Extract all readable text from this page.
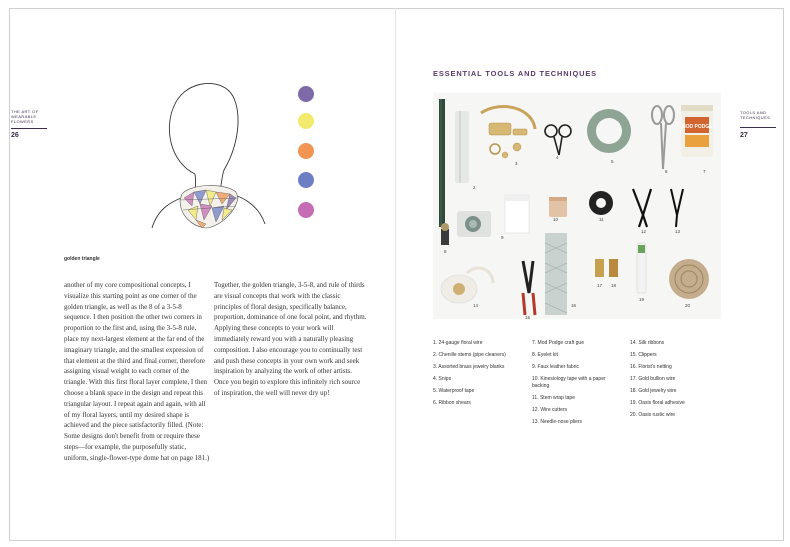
THE ART OF WEARABLE FLOWERS
26
golden triangle
another of my core compositional concepts, I visualize this starting point as one corner of the golden triangle, as well as the 8 of a 3-5-8 sequence. I then position the other two corners in proportion to the first and, using the 3-5-8 rule, place my next-largest element at the far end of the imaginary triangle, and the smallest expression of that element at the third and final corner, therefore assigning visual weight to each corner of the triangle. With this first floral layer complete, I then choose a blank space in the design and repeat this triangular layout. I repeat again and again, with all of my floral layers, until my desired shape is achieved and the piece satisfactorily filled. (Note: Some designs don't benefit from or require these steps—for example, the purposefully static, uniform, single-flower-type dome hat on page 181.)
Together, the golden triangle, 3-5-8, and rule of thirds are visual concepts that work with the classic principles of floral design, specifically balance, proportion, dominance of one focal point, and rhythm. Applying these concepts to your work will immediately reward you with a naturally pleasing composition. I also encourage you to continually test and push these concepts in your own work and seek inspiration by analyzing the work of other artists. Once you begin to explore this infinitely rich source of inspiration, the well will never dry up!
ESSENTIAL TOOLS AND TECHNIQUES
TOOLS AND TECHNIQUES
27
MOD PODGE
1
2
3
4
5
6	7
8
9
10	11
12	13
14
15
16
17 18
19
20
1. 24-gauge floral wire
2. Chenille stems (pipe cleaners)
3. Assorted brass jewelry blanks
4. Snips
5. Waterproof tape
6. Ribbon shears
7. Mod Podge craft gue
8. Eyelet kit
9. Faux leather fabric
10. Kinesiology tape with a paper backing
11. Stem wrap tape
12. Wire cutters
13. Needle-nose pliers
14. Silk ribbons
15. Clippers
16. Florist's netting
17. Gold bullion wire
18. Gold jewelry wire
19. Oasis floral adhesive
20. Oasis rustic wire
